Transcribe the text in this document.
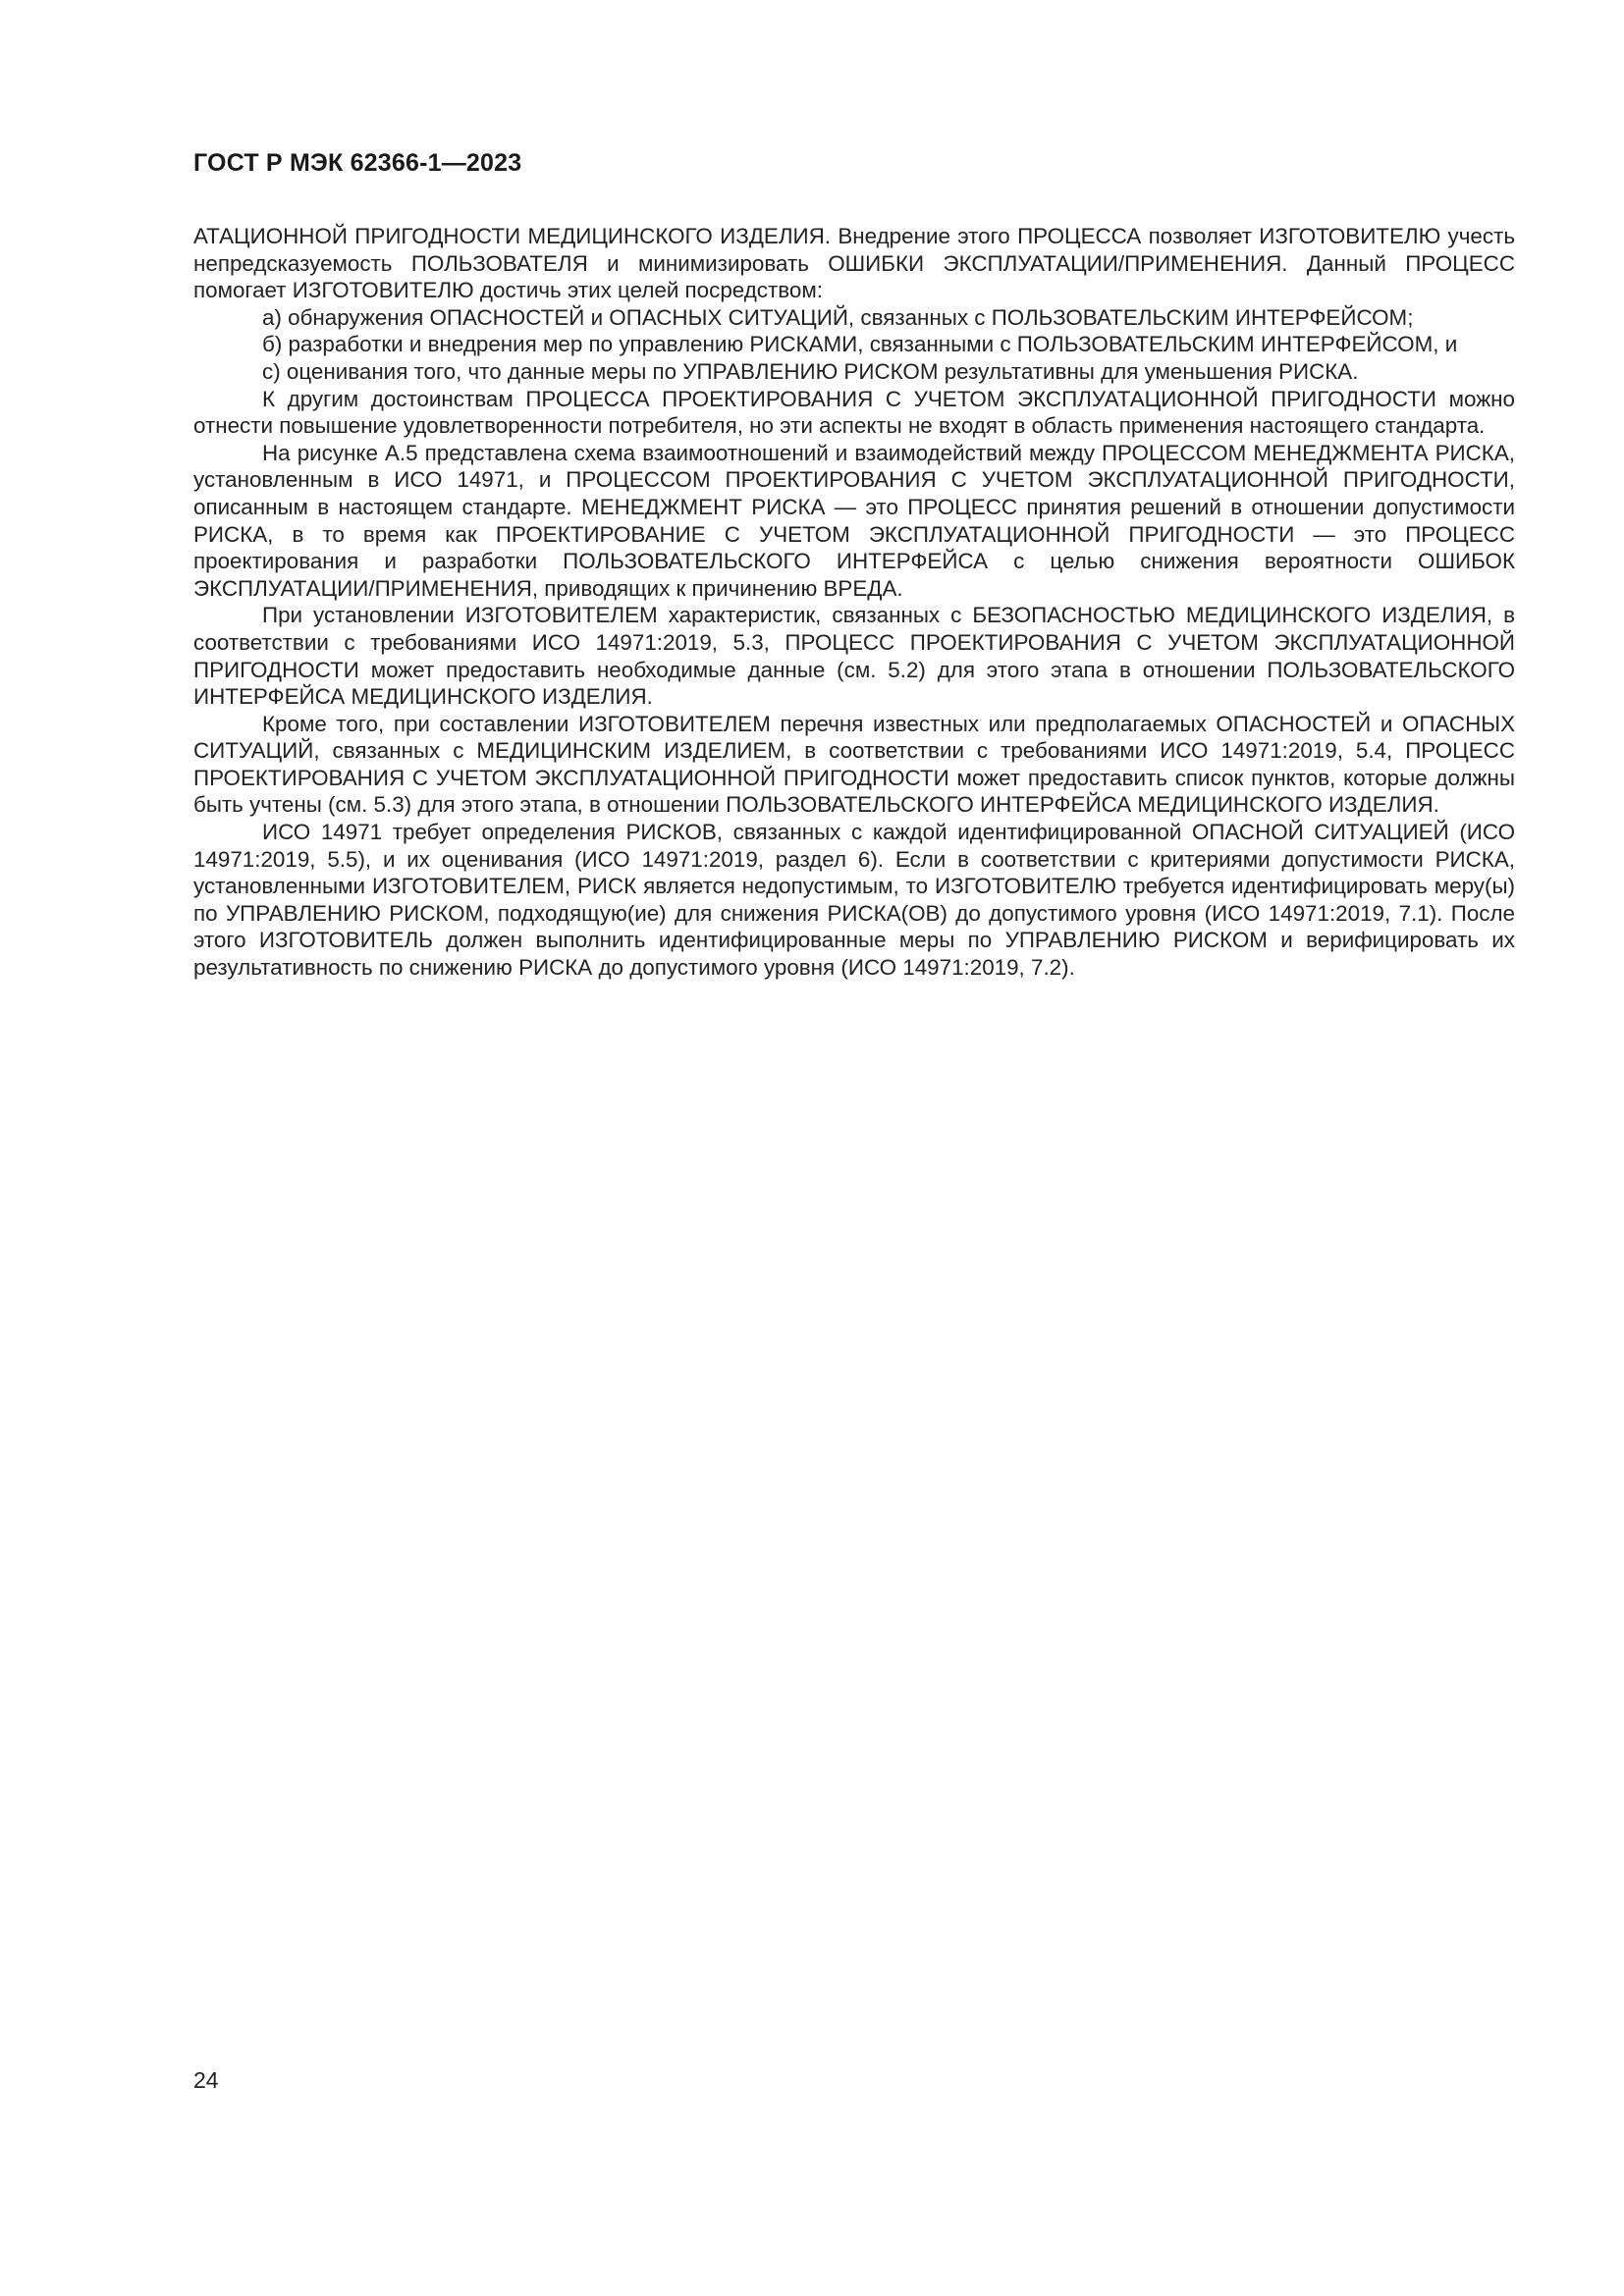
ГОСТ Р МЭК 62366-1—2023

АТАЦИОННОЙ ПРИГОДНОСТИ МЕДИЦИНСКОГО ИЗДЕЛИЯ. Внедрение этого ПРОЦЕССА позволяет ИЗГОТОВИТЕЛЮ учесть непредсказуемость ПОЛЬЗОВАТЕЛЯ и минимизировать ОШИБКИ ЭКСПЛУАТАЦИИ/ПРИМЕНЕНИЯ. Данный ПРОЦЕСС помогает ИЗГОТОВИТЕЛЮ достичь этих целей посредством:

а) обнаружения ОПАСНОСТЕЙ и ОПАСНЫХ СИТУАЦИЙ, связанных с ПОЛЬЗОВАТЕЛЬСКИМ ИНТЕРФЕЙСОМ;

б) разработки и внедрения мер по управлению РИСКАМИ, связанными с ПОЛЬЗОВАТЕЛЬСКИМ ИНТЕРФЕЙСОМ, и

с) оценивания того, что данные меры по УПРАВЛЕНИЮ РИСКОМ результативны для уменьшения РИСКА.

К другим достоинствам ПРОЦЕССА ПРОЕКТИРОВАНИЯ С УЧЕТОМ ЭКСПЛУАТАЦИОННОЙ ПРИГОДНОСТИ можно отнести повышение удовлетворенности потребителя, но эти аспекты не входят в область применения настоящего стандарта.

На рисунке А.5 представлена схема взаимоотношений и взаимодействий между ПРОЦЕССОМ МЕНЕДЖМЕНТА РИСКА, установленным в ИСО 14971, и ПРОЦЕССОМ ПРОЕКТИРОВАНИЯ С УЧЕТОМ ЭКСПЛУАТАЦИОННОЙ ПРИГОДНОСТИ, описанным в настоящем стандарте. МЕНЕДЖМЕНТ РИСКА — это ПРОЦЕСС принятия решений в отношении допустимости РИСКА, в то время как ПРОЕКТИРОВАНИЕ С УЧЕТОМ ЭКСПЛУАТАЦИОННОЙ ПРИГОДНОСТИ — это ПРОЦЕСС проектирования и разработки ПОЛЬЗОВАТЕЛЬСКОГО ИНТЕРФЕЙСА с целью снижения вероятности ОШИБОК ЭКСПЛУАТАЦИИ/ПРИМЕНЕНИЯ, приводящих к причинению ВРЕДА.

При установлении ИЗГОТОВИТЕЛЕМ характеристик, связанных с БЕЗОПАСНОСТЬЮ МЕДИЦИНСКОГО ИЗДЕЛИЯ, в соответствии с требованиями ИСО 14971:2019, 5.3, ПРОЦЕСС ПРОЕКТИРОВАНИЯ С УЧЕТОМ ЭКСПЛУАТАЦИОННОЙ ПРИГОДНОСТИ может предоставить необходимые данные (см. 5.2) для этого этапа в отношении ПОЛЬЗОВАТЕЛЬСКОГО ИНТЕРФЕЙСА МЕДИЦИНСКОГО ИЗДЕЛИЯ.

Кроме того, при составлении ИЗГОТОВИТЕЛЕМ перечня известных или предполагаемых ОПАСНОСТЕЙ и ОПАСНЫХ СИТУАЦИЙ, связанных с МЕДИЦИНСКИМ ИЗДЕЛИЕМ, в соответствии с требованиями ИСО 14971:2019, 5.4, ПРОЦЕСС ПРОЕКТИРОВАНИЯ С УЧЕТОМ ЭКСПЛУАТАЦИОННОЙ ПРИГОДНОСТИ может предоставить список пунктов, которые должны быть учтены (см. 5.3) для этого этапа, в отношении ПОЛЬЗОВАТЕЛЬСКОГО ИНТЕРФЕЙСА МЕДИЦИНСКОГО ИЗДЕЛИЯ.

ИСО 14971 требует определения РИСКОВ, связанных с каждой идентифицированной ОПАСНОЙ СИТУАЦИЕЙ (ИСО 14971:2019, 5.5), и их оценивания (ИСО 14971:2019, раздел 6). Если в соответствии с критериями допустимости РИСКА, установленными ИЗГОТОВИТЕЛЕМ, РИСК является недопустимым, то ИЗГОТОВИТЕЛЮ требуется идентифицировать меру(ы) по УПРАВЛЕНИЮ РИСКОМ, подходящую(ие) для снижения РИСКА(ОВ) до допустимого уровня (ИСО 14971:2019, 7.1). После этого ИЗГОТОВИТЕЛЬ должен выполнить идентифицированные меры по УПРАВЛЕНИЮ РИСКОМ и верифицировать их результативность по снижению РИСКА до допустимого уровня (ИСО 14971:2019, 7.2).

24
